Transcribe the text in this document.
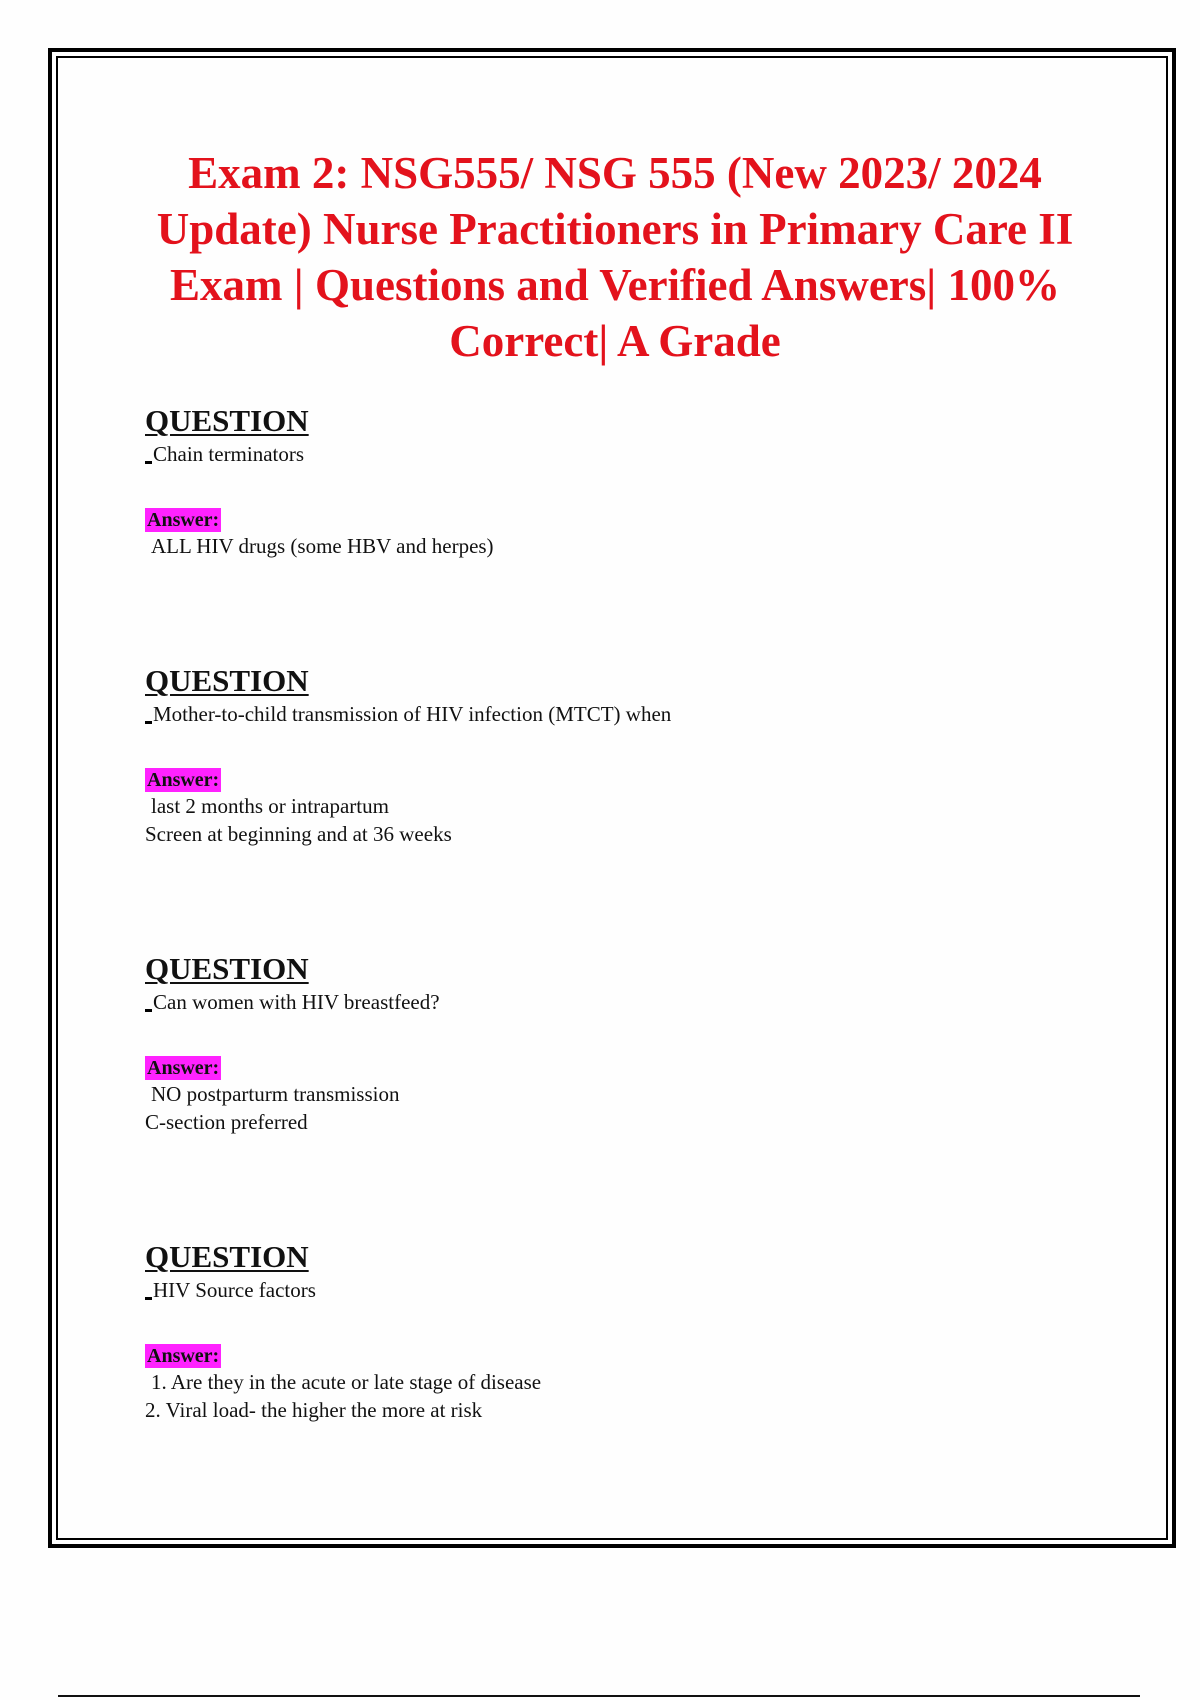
Exam 2: NSG555/ NSG 555 (New 2023/ 2024 Update) Nurse Practitioners in Primary Care II Exam | Questions and Verified Answers| 100% Correct| A Grade
QUESTION
Chain terminators
Answer:
ALL HIV drugs (some HBV and herpes)
QUESTION
Mother-to-child transmission of HIV infection (MTCT) when
Answer:
last 2 months or intrapartum
Screen at beginning and at 36 weeks
QUESTION
Can women with HIV breastfeed?
Answer:
NO postparturm transmission
C-section preferred
QUESTION
HIV Source factors
Answer:
1. Are they in the acute or late stage of disease
2. Viral load- the higher the more at risk
